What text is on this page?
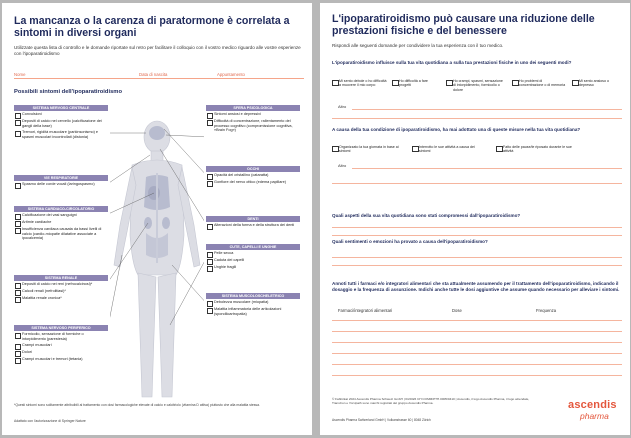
La mancanza o la carenza di paratormone è correlata a sintomi in diversi organi
Utilizzate questa lista di controllo e le domande riportate sul retro per facilitare il colloquio con il vostro medico riguardo alle vostre esperienze con l'ipoparatiroidismo
Nome	Data di nascita	Appuntamento
Possibili sintomi dell'ipoparatiroidismo
SISTEMA NERVOSO CENTRALE
Convulsioni
Depositi di calcio nel cervello (calcificazione dei gangli della base)
Tremori, rigidità muscolare (parkinsonismo) e spasmi muscolari incontrollati (distonia)
VIE RESPIRATORIE
Spasmo delle corde vocali (laringospasmo)
SISTEMA CARDIACO-CIRCOLATORIO
Calcificazione dei vasi sanguigni
Aritmie cardiache
Insufficienza cardiaca causata da bassi livelli di calcio (cardio-miopatie dilatative associate a ipocalcemia)
SISTEMA RENALE
Depositi di calcio nei reni (nefrocalcinosi)*
Calcoli renali (nefrolitiasi)*
Malattia renale cronica*
SISTEMA NERVOSO PERIFERICO
Formicolio, sensazione di formiche o intorpidimento (parestesia)
Crampi muscolari
Dolori
Crampi muscolari e tremori (tetania)
SFERA PSICOLOGICA
Sintomi ansiosi e depressivi
Difficoltà di concentrazione, rallentamento del processo cognitivo (compromissione cognitiva, «Brain Fog»)
OCCHI
Opacità del cristallino (cataratta)
Gonfiore del nervo ottico (edema papillare)
DENTI
Alterazioni della forma e della struttura dei denti
CUTE, CAPELLI E UNGHIE
Pelle secca
Caduta dei capelli
Unghie fragili
SISTEMA MUSCOLOSCHELETRICO
Debolezza muscolare (miopatia)
Malattia infiammatoria delle articolazioni (spondiloartropatia)
*Questi sintomi sono solitamente attribuibili al trattamento con dosi farmacologiche elevate di calcio e calcitriolo (vitamina D attiva) piuttosto che alla malattia stessa.
Adattato con l'autorizzazione di Springer Nature
L'ipoparatiroidismo può causare una riduzione delle prestazioni fisiche e del benessere
Rispondi alle seguenti domande per condividere la tua esperienza con il tuo medico.
L'ipoparatiroidismo influisce sulla tua vita quotidiana a sulla tua prestazioni fisiche in uno dei seguenti modi?
Mi sento debole o ho difficoltà a muovere il mio corpo
Ho difficoltà a fare progetti
Ho crampi, spasmi, sensazione di intorpidimento, formicolio o dolore
Ho problemi di concentrazione o di memoria
Mi sento ansioso o depresso
Altro
A causa della tua condizione di ipoparatiroidismo, ha mai adottato una di queste misure nella tua vita quotidiana?
Organizzato la tua giornata in base ai sintomi
Interrotto le sue attività a causa dei sintomi
Fatto delle pause/le riposato durante le sue attività
Altro
Quali aspetti della sua vita quotidiana sono stati compromessi dall'ipoparatiroidismo?
Quali sentimenti o emozioni ha provato a causa dell'ipoparatiroidismo?
Annoti tutti i farmaci e/o integratori alimentari che sta attualmente assumendo per il trattamento dell'ipoparatiroidismo, indicando il dosaggio e la frequenza di assunzione. Indichi anche tutte le dosi aggiuntive che assume quando necessario per alleviare i sintomi.
Farmaci/integratori alimentari	Dose	Frequenza
© Fabbrikat 2024 Ascendis Pharma Schweiz GmbH | ID/2026 CH COMM/PTH.0005/0410 | Ascendis, il logo Ascendis Pharma, il logo aziendale, TransCon e Yorvipath sono marchi registrati del gruppo Ascendis Pharma.
Ascendis Pharma Switzerland GmbH | Vulkanstrasse 60 | 8048 Zürich
ascendis
pharma
